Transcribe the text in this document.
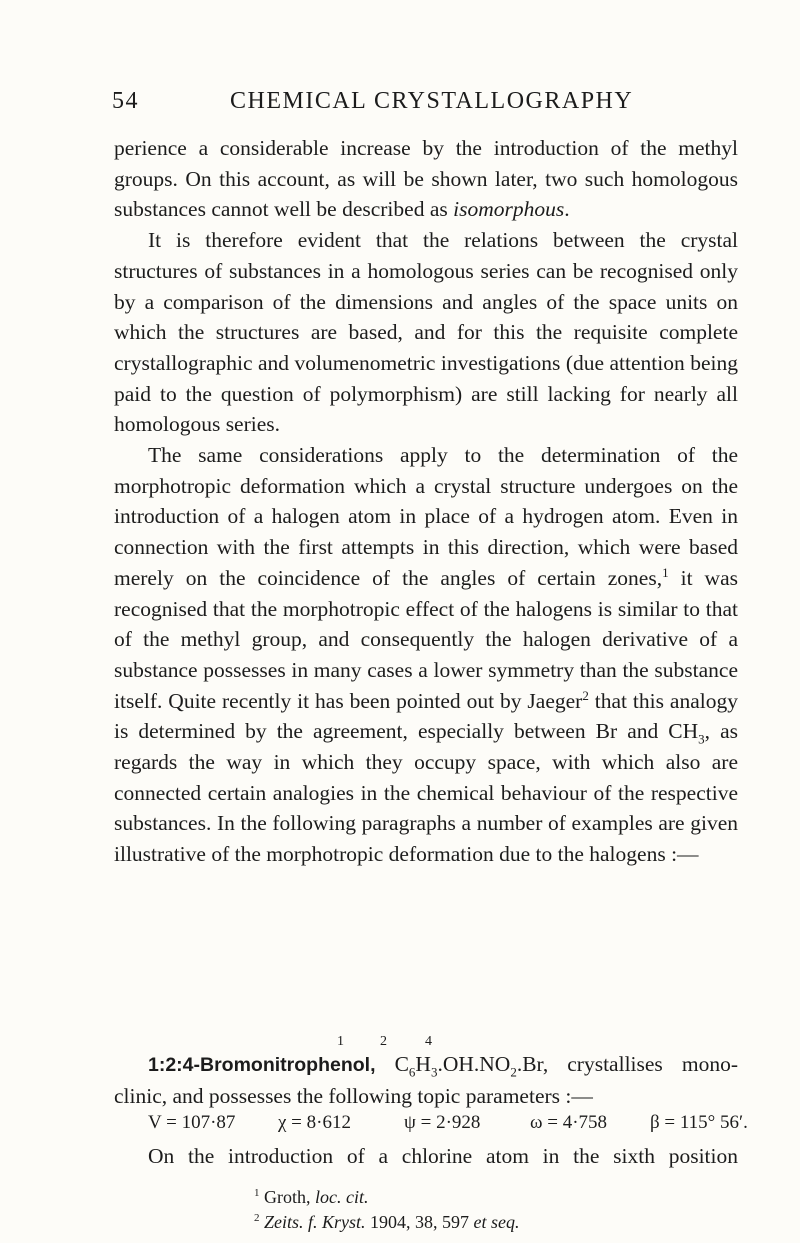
54	CHEMICAL CRYSTALLOGRAPHY

perience a considerable increase by the introduction of the methyl groups. On this account, as will be shown later, two such homologous substances cannot well be described as isomorphous.

It is therefore evident that the relations between the crystal structures of substances in a homologous series can be recognised only by a comparison of the dimensions and angles of the space units on which the structures are based, and for this the requisite complete crystallographic and volumenometric investigations (due attention being paid to the question of polymorphism) are still lacking for nearly all homologous series.

The same considerations apply to the determination of the morphotropic deformation which a crystal structure undergoes on the introduction of a halogen atom in place of a hydrogen atom. Even in connection with the first attempts in this direction, which were based merely on the coincidence of the angles of certain zones,$^1$ it was recognised that the morphotropic effect of the halogens is similar to that of the methyl group, and consequently the halogen derivative of a substance possesses in many cases a lower symmetry than the substance itself. Quite recently it has been pointed out by Jaeger$^2$ that this analogy is determined by the agreement, especially between Br and $CH_3$, as regards the way in which they occupy space, with which also are connected certain analogies in the chemical behaviour of the respective substances. In the following paragraphs a number of examples are given illustrative of the morphotropic deformation due to the halogens :—

1	2	4
1:2:4-Bromonitrophenol, $C_6H_3.OH.NO_2.Br$, crystallises mono-clinic, and possesses the following topic parameters :—
V = 107·87 χ = 8·612	ψ = 2·928	ω = 4·758 β = 115° 56′.
On the introduction of a chlorine atom in the sixth position
$^1$ Groth, loc. cit.
$^2$ Zeits. f. Kryst. 1904, 38, 597 et seq.
